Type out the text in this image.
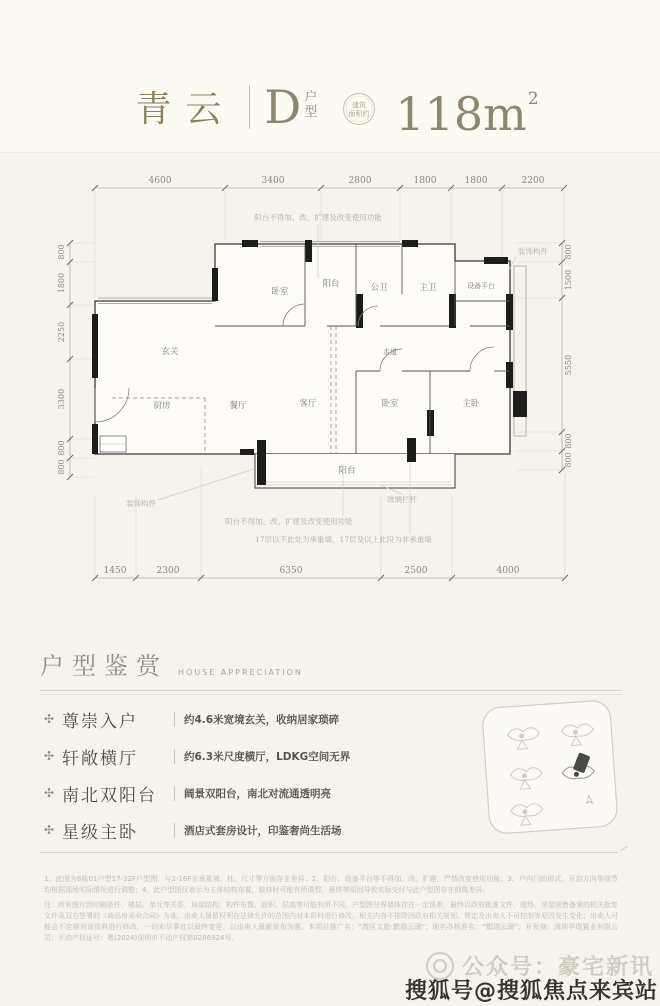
青云 D 户
型	建筑
面积约 $118m^2$
4600	3400	2800	1800	1800	2200
1450	2300	6350	2500	4000
800
1800
2250
3300
800
800
800
1500
5550
800
800
卧室
阳台	公卫	主卫	设备平台
玄关
厨房	餐厅	客厅
走道
卧室	主卧
阳台
阳台不得加、改、扩建及改变使用功能
装饰构件
装饰构件	玻璃栏杆
阳台不得加、改、扩建及改变使用功能
17层以下此处为承重墙，17层及以上此段为非承重墙
户型鉴赏 HOUSE APPRECIATION
✣ 尊崇入户	约4.6米宽境玄关，收纳居家琐碎
✣ 轩敞横厅	约6.3米尺度横厅，LDKG空间无界
✣ 南北双阳台	阔景双阳台，南北对流通透明亮
✣ 星级主卧	酒店式套房设计，印鉴奢尚生活场
1、此图为8栋01户型17-32F户型图，与2-16F在承重墙、柱、尺寸等方面存在差异；2、阳台、设备平台等不得加、改、扩建，严禁改变使用功能；3、户内门的形式、开启方向等细节均根据现场实际情况进行调整；4、此户型图仅表示为主体结构布置，装修时可能有所调整，最终等原因导致实际交付与此户型图存在细微差异。
注：所有图片因印刷条件、楼层、单元等关系，局部结构、构件布置、面积、层高等可能有所不同，户型图分界墙体存在一定误差，最终以政府批准文件、现场、房屋预售备案的相关批复文件及双方签署的《商品房买卖合同》为准。出卖人保留权利在法律允许的范围内对本资料进行修改。相关内容不排除因政府相关规划、规定及出卖人不可控制等原因发生变化；出卖人可能会不定期对该资料进行修改，一切未尽事宜以最终变更、以出卖人最新发布为准。本项目推广名：“湾区文旅·鹏瑞云璟”；地名办核准名：“鹏瑞云璟”；开发商：深圳华瑞置业有限公司；不动产权证号：粤(2024)深圳市不动产权第0286924号。
公众号：豪宅新讯
搜狐号@搜狐焦点来宾站
